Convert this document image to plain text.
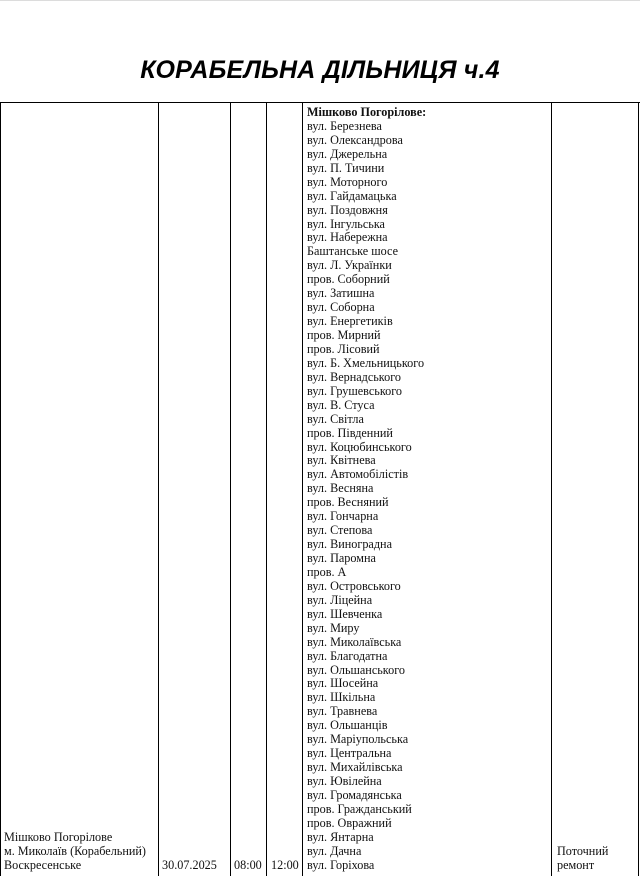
КОРАБЕЛЬНА ДІЛЬНИЦЯ ч.4
Мішково Погорілове
м. Миколаїв (Корабельний)
Воскресенське	30.07.2025 08:00 12:00
Поточний
ремонт
Мішково Погорілове:
вул. Березнева
вул. Олександрова
вул. Джерельна
вул. П. Тичини
вул. Моторного
вул. Гайдамацька
вул. Поздовжня
вул. Інгульська
вул. Набережна
Баштанське шосе
вул. Л. Українки
пров. Соборний
вул. Затишна
вул. Соборна
вул. Енергетиків
пров. Мирний
пров. Лісовий
вул. Б. Хмельницького
вул. Вернадського
вул. Грушевського
вул. В. Стуса
вул. Світла
пров. Південний
вул. Коцюбинського
вул. Квітнева
вул. Автомобілістів
вул. Весняна
пров. Весняний
вул. Гончарна
вул. Степова
вул. Виноградна
вул. Паромна
пров. А
вул. Островського
вул. Ліцейна
вул. Шевченка
вул. Миру
вул. Миколаївська
вул. Благодатна
вул. Ольшанського
вул. Шосейна
вул. Шкільна
вул. Травнева
вул. Ольшанців
вул. Маріупольська
вул. Центральна
вул. Михайлівська
вул. Ювілейна
вул. Громадянська
пров. Гражданський
пров. Овражний
вул. Янтарна
вул. Дачна
вул. Горіхова
